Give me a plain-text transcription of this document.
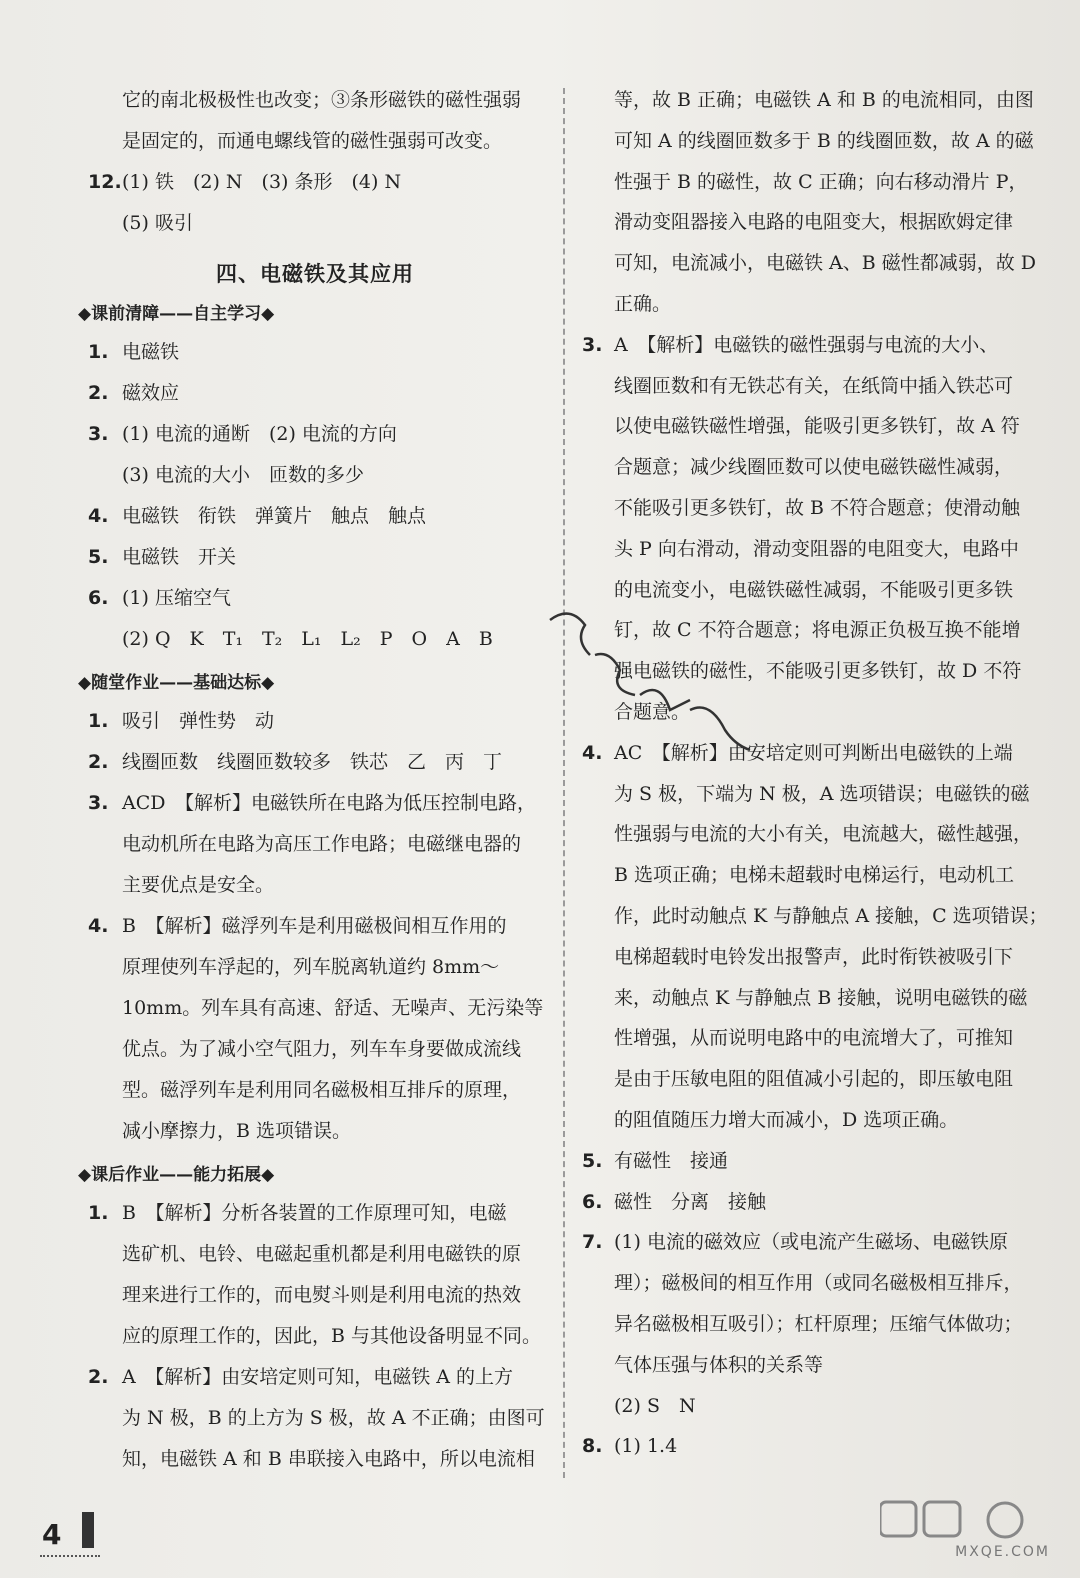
它的南北极极性也改变；③条形磁铁的磁性强弱
是固定的，而通电螺线管的磁性强弱可改变。
12. (1) 铁　(2) N　(3) 条形　(4) N
(5) 吸引
四、电磁铁及其应用
◆课前清障——自主学习◆
1. 电磁铁
2. 磁效应
3. (1) 电流的通断　(2) 电流的方向
(3) 电流的大小　匝数的多少
4. 电磁铁　衔铁　弹簧片　触点　触点
5. 电磁铁　开关
6. (1) 压缩空气
(2) Q　K　T₁　T₂　L₁　L₂　P　O　A　B
◆随堂作业——基础达标◆
1. 吸引　弹性势　动
2. 线圈匝数　线圈匝数较多　铁芯　乙　丙　丁
3. ACD　【解析】电磁铁所在电路为低压控制电路，
电动机所在电路为高压工作电路；电磁继电器的
主要优点是安全。
4. B　【解析】磁浮列车是利用磁极间相互作用的
原理使列车浮起的，列车脱离轨道约 8mm～
10mm。列车具有高速、舒适、无噪声、无污染等
优点。为了减小空气阻力，列车车身要做成流线
型。磁浮列车是利用同名磁极相互排斥的原理，
减小摩擦力，B 选项错误。
◆课后作业——能力拓展◆
1. B　【解析】分析各装置的工作原理可知，电磁
选矿机、电铃、电磁起重机都是利用电磁铁的原
理来进行工作的，而电熨斗则是利用电流的热效
应的原理工作的，因此，B 与其他设备明显不同。
2. A　【解析】由安培定则可知，电磁铁 A 的上方
为 N 极，B 的上方为 S 极，故 A 不正确；由图可
知，电磁铁 A 和 B 串联接入电路中，所以电流相
等，故 B 正确；电磁铁 A 和 B 的电流相同，由图
可知 A 的线圈匝数多于 B 的线圈匝数，故 A 的磁
性强于 B 的磁性，故 C 正确；向右移动滑片 P，
滑动变阻器接入电路的电阻变大，根据欧姆定律
可知，电流减小，电磁铁 A、B 磁性都减弱，故 D
正确。
3. A　【解析】电磁铁的磁性强弱与电流的大小、
线圈匝数和有无铁芯有关，在纸筒中插入铁芯可
以使电磁铁磁性增强，能吸引更多铁钉，故 A 符
合题意；减少线圈匝数可以使电磁铁磁性减弱，
不能吸引更多铁钉，故 B 不符合题意；使滑动触
头 P 向右滑动，滑动变阻器的电阻变大，电路中
的电流变小，电磁铁磁性减弱，不能吸引更多铁
钉，故 C 不符合题意；将电源正负极互换不能增
强电磁铁的磁性，不能吸引更多铁钉，故 D 不符
合题意。
4. AC　【解析】由安培定则可判断出电磁铁的上端
为 S 极，下端为 N 极，A 选项错误；电磁铁的磁
性强弱与电流的大小有关，电流越大，磁性越强，
B 选项正确；电梯未超载时电梯运行，电动机工
作，此时动触点 K 与静触点 A 接触，C 选项错误；
电梯超载时电铃发出报警声，此时衔铁被吸引下
来，动触点 K 与静触点 B 接触，说明电磁铁的磁
性增强，从而说明电路中的电流增大了，可推知
是由于压敏电阻的阻值减小引起的，即压敏电阻
的阻值随压力增大而减小，D 选项正确。
5. 有磁性　接通
6. 磁性　分离　接触
7. (1) 电流的磁效应（或电流产生磁场、电磁铁原
理）；磁极间的相互作用（或同名磁极相互排斥，
异名磁极相互吸引）；杠杆原理；压缩气体做功；
气体压强与体积的关系等
(2) S　N
8. (1) 1.4
4
MXQE.COM
